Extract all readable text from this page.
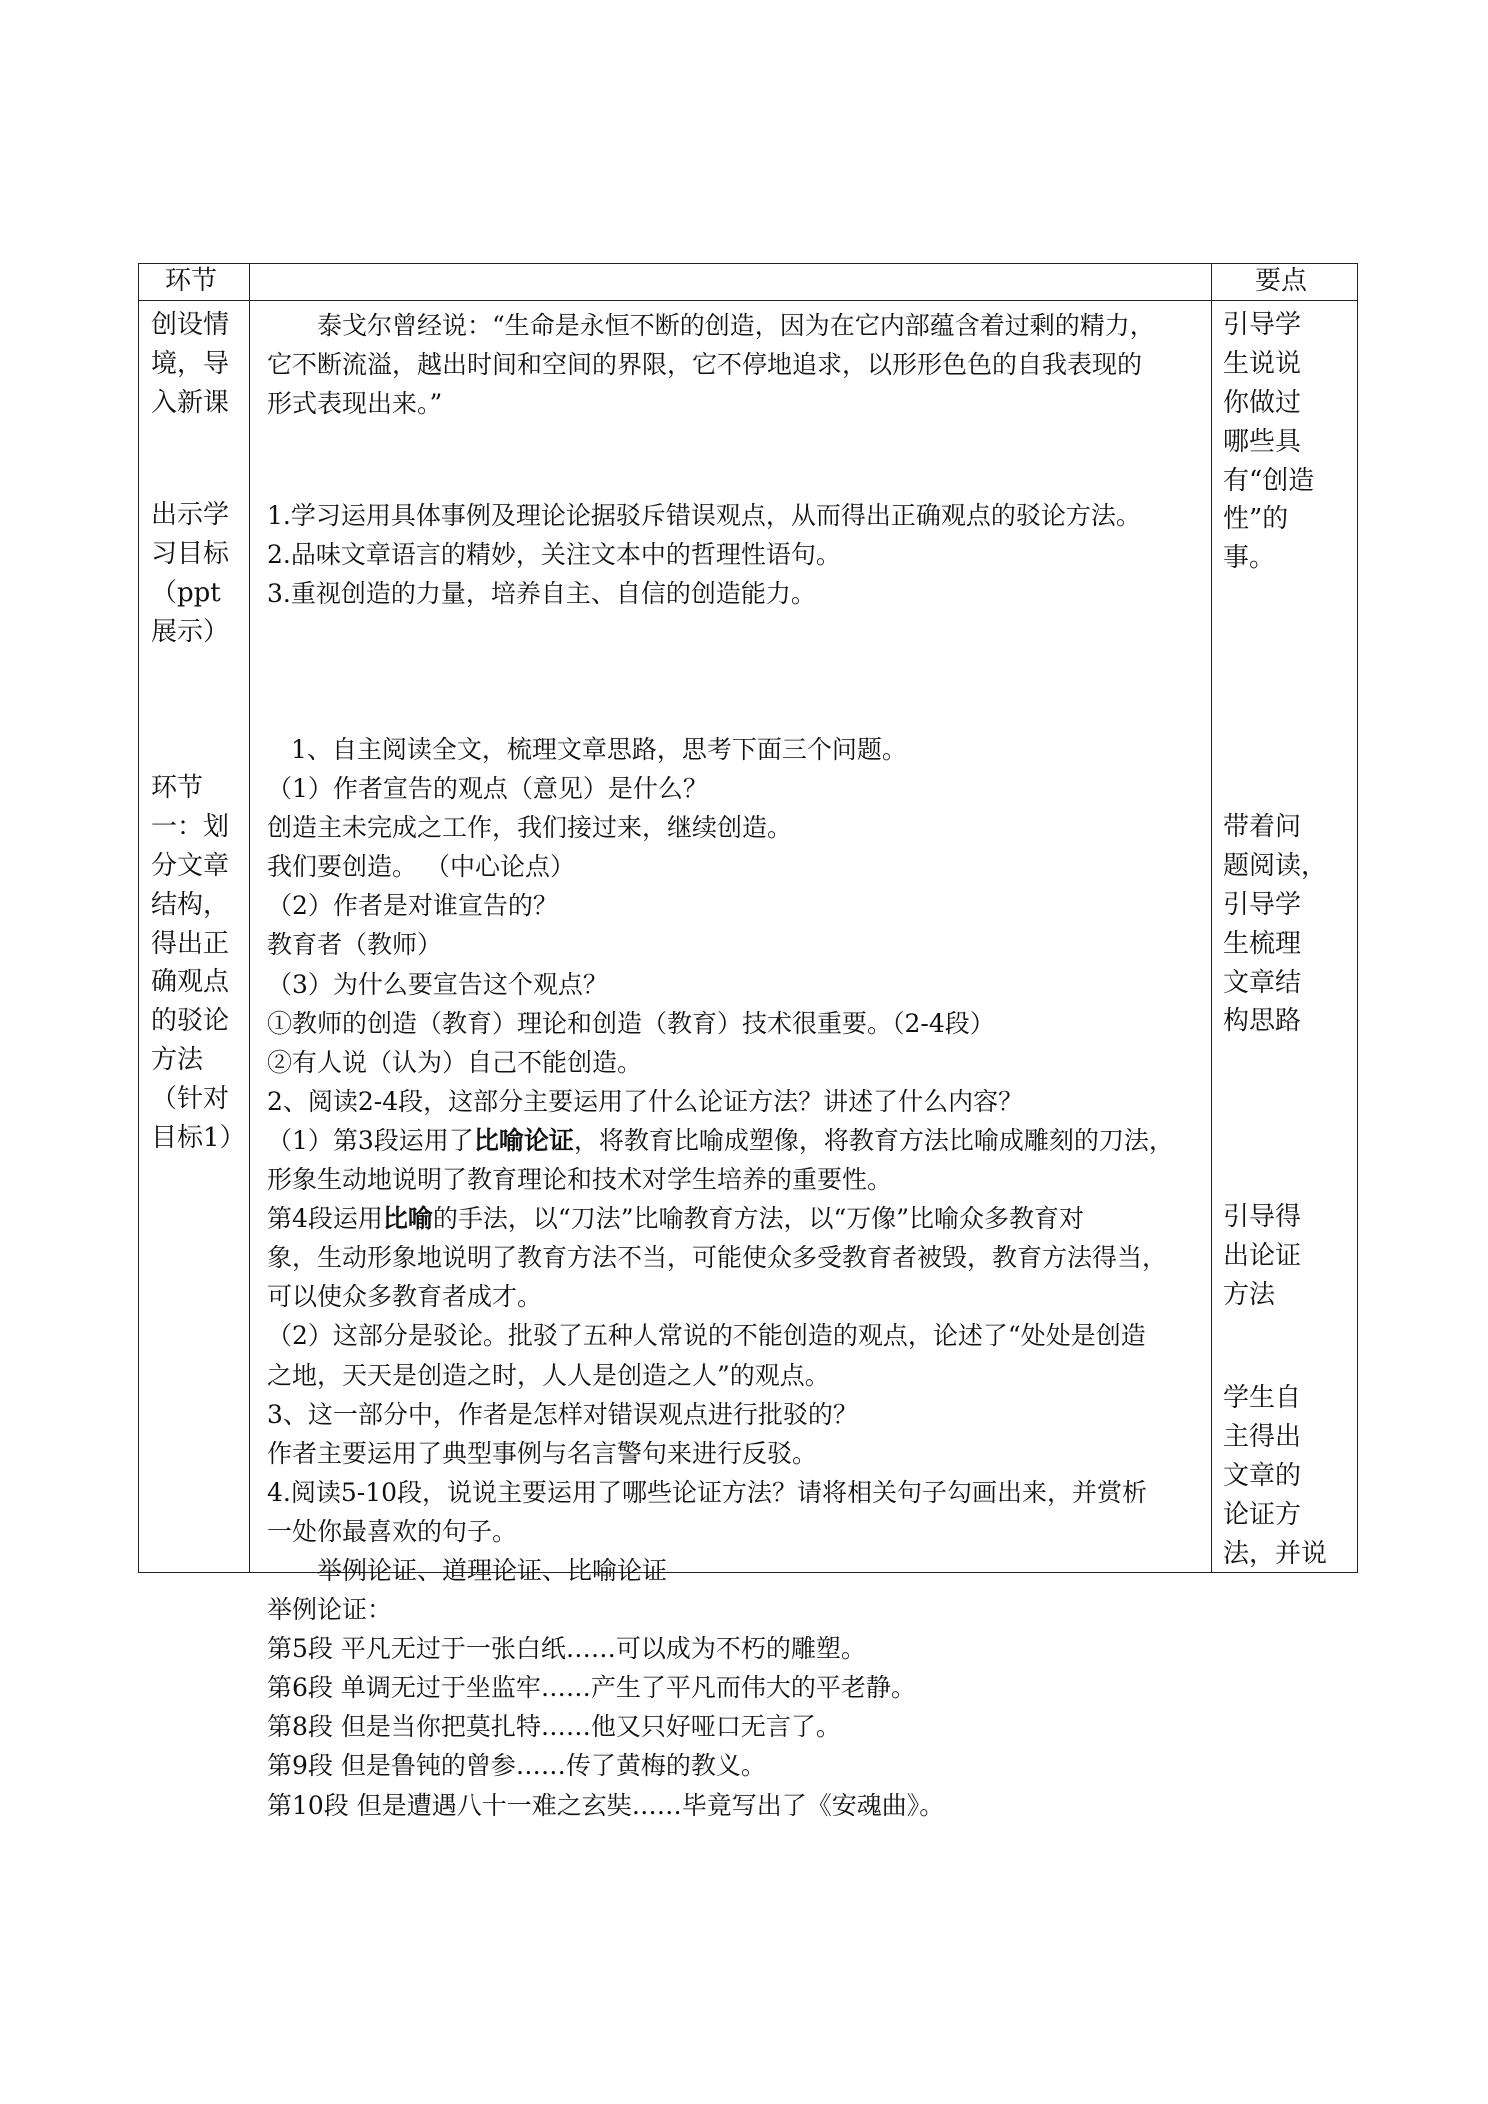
环节	要点
创设情
境，导
入新课
出示学
习目标
（ppt
展示）
环节
一：划
分文章
结构，
得出正
确观点
的驳论
方法
（针对
目标1）
　　泰戈尔曾经说：“生命是永恒不断的创造，因为在它内部蕴含着过剩的精力，
它不断流溢，越出时间和空间的界限，它不停地追求，以形形色色的自我表现的
形式表现出来。”
1.学习运用具体事例及理论论据驳斥错误观点，从而得出正确观点的驳论方法。
2.品味文章语言的精妙，关注文本中的哲理性语句。
3.重视创造的力量，培养自主、自信的创造能力。
1、自主阅读全文，梳理文章思路，思考下面三个问题。
（1）作者宣告的观点（意见）是什么？
创造主未完成之工作，我们接过来，继续创造。
我们要创造。 （中心论点）
（2）作者是对谁宣告的？
教育者（教师）
（3）为什么要宣告这个观点？
①教师的创造（教育）理论和创造（教育）技术很重要。（2-4段）
②有人说（认为）自己不能创造。
2、阅读2-4段，这部分主要运用了什么论证方法？讲述了什么内容？
（1）第3段运用了比喻论证，将教育比喻成塑像，将教育方法比喻成雕刻的刀法，
形象生动地说明了教育理论和技术对学生培养的重要性。
第4段运用比喻的手法，以“刀法”比喻教育方法，以“万像”比喻众多教育对
象，生动形象地说明了教育方法不当，可能使众多受教育者被毁，教育方法得当，
可以使众多教育者成才。
（2）这部分是驳论。批驳了五种人常说的不能创造的观点，论述了“处处是创造
之地，天天是创造之时，人人是创造之人”的观点。
3、这一部分中，作者是怎样对错误观点进行批驳的？
作者主要运用了典型事例与名言警句来进行反驳。
4.阅读5-10段，说说主要运用了哪些论证方法？请将相关句子勾画出来，并赏析
一处你最喜欢的句子。
　　举例论证、道理论证、比喻论证
举例论证：
第5段 平凡无过于一张白纸……可以成为不朽的雕塑。
第6段 单调无过于坐监牢……产生了平凡而伟大的平老静。
第8段 但是当你把莫扎特……他又只好哑口无言了。
第9段 但是鲁钝的曾参……传了黄梅的教义。
第10段 但是遭遇八十一难之玄奘……毕竟写出了《安魂曲》。
引导学
生说说
你做过
哪些具
有“创造
性”的
事。
带着问
题阅读，
引导学
生梳理
文章结
构思路
引导得
出论证
方法
学生自
主得出
文章的
论证方
法，并说
